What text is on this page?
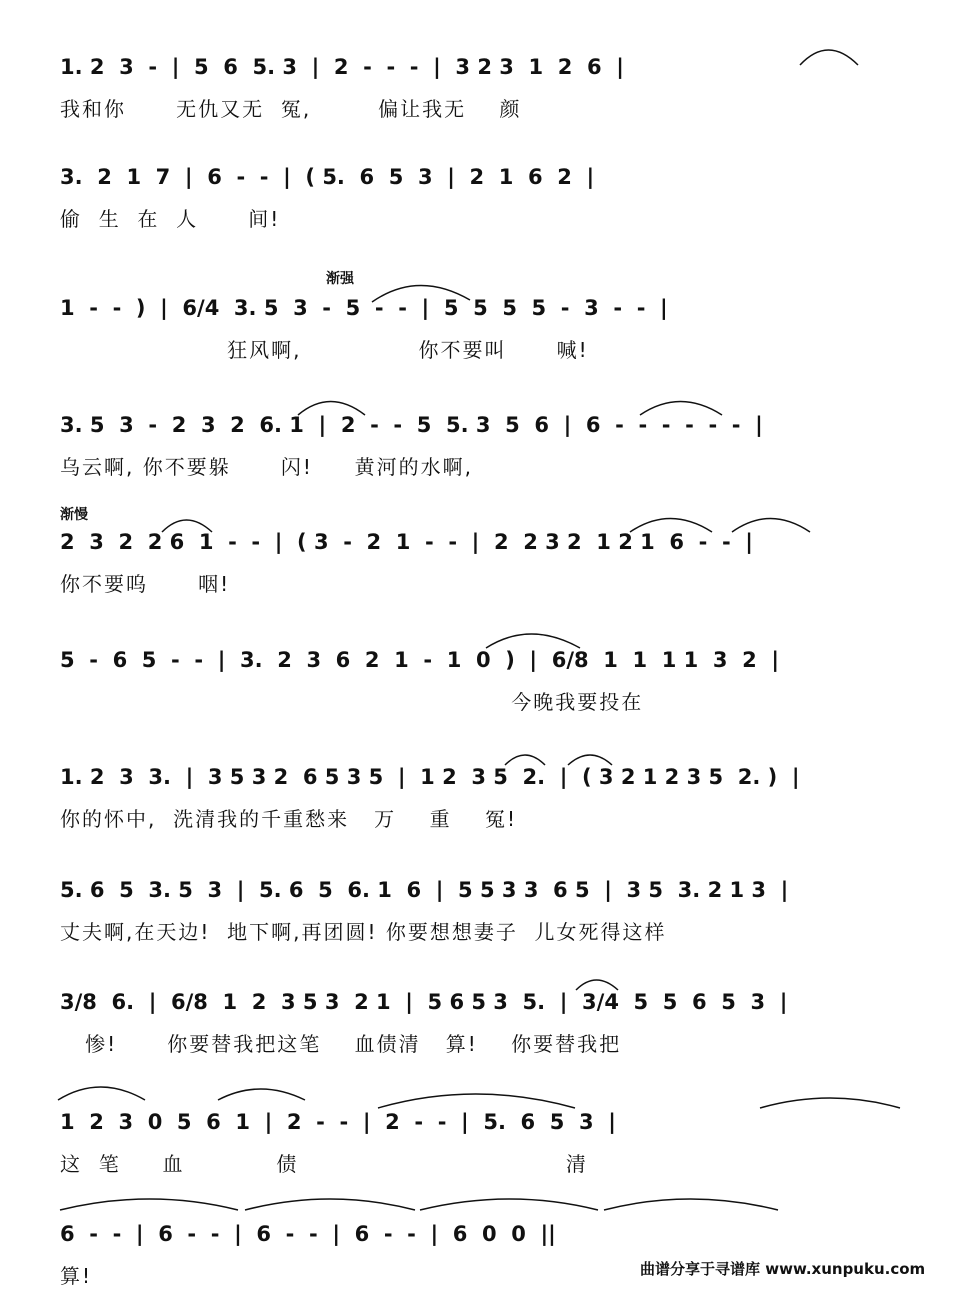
1. 2  3  -  |  5  6  5. 3  |  2  -  -  -  |  3 2 3  1  2  6  |
我和你      无仇又无  冤,        偏让我无    颜
3.  2  1  7  |  6  -  -  |  ( 5.  6  5  3  |  2  1  6  2  |
偷  生  在  人      间!
渐强
1  -  -  )  |  6/4  3. 5  3  -  5  -  -  |  5  5  5  5  -  3  -  -  |
狂风啊,              你不要叫      喊!
3. 5  3  -  2  3  2  6. 1  |  2  -  -  5  5. 3  5  6  |  6  -  -  -  -  -  -  |
乌云啊, 你不要躲      闪!     黄河的水啊,
渐慢
2  3  2  2 6  1  -  -  |  ( 3  -  2  1  -  -  |  2  2 3 2  1 2 1  6  -  -  |
你不要呜      咽!
5  -  6  5  -  -  |  3.  2  3  6  2  1  -  1  0  )  |  6/8  1  1  1 1  3  2  |
今晚我要投在
1. 2  3  3.  |  3 5 3 2  6 5 3 5  |  1 2  3 5  2.  |  ( 3 2 1 2 3 5  2. )  |
你的怀中,  洗清我的千重愁来   万    重    冤!
5. 6  5  3. 5  3  |  5. 6  5  6. 1  6  |  5 5 3 3  6 5  |  3 5  3. 2 1 3  |
丈夫啊,在天边!  地下啊,再团圆! 你要想想妻子  儿女死得这样
3/8  6.  |  6/8  1  2  3 5 3  2 1  |  5 6 5 3  5.  |  3/4  5  5  6  5  3  |
惨!      你要替我把这笔    血债清   算!    你要替我把
1  2  3  0  5  6  1  |  2  -  -  |  2  -  -  |  5.  6  5  3  |
这  笔     血           债                                清
6  -  -  |  6  -  -  |  6  -  -  |  6  -  -  |  6  0  0  ||
算!	曲谱分享于寻谱库 www.xunpuku.com
